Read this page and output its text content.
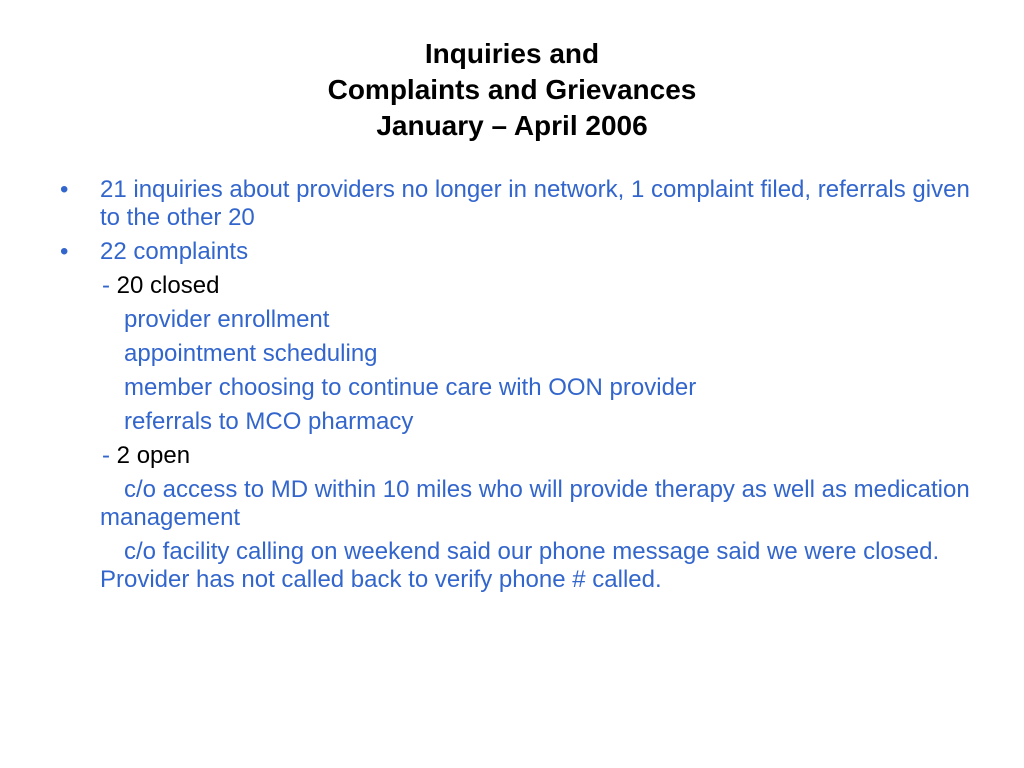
Inquiries and
Complaints and Grievances
January – April 2006
• 21 inquiries about providers no longer in network, 1 complaint filed, referrals given to the other 20
• 22 complaints
- 20 closed
provider enrollment
appointment scheduling
member choosing to continue care with OON provider
referrals to MCO pharmacy
- 2 open
c/o access to MD within 10 miles who will provide therapy as well as medication management
c/o facility calling on weekend said our phone message said we were closed. Provider has not called back to verify phone # called.
